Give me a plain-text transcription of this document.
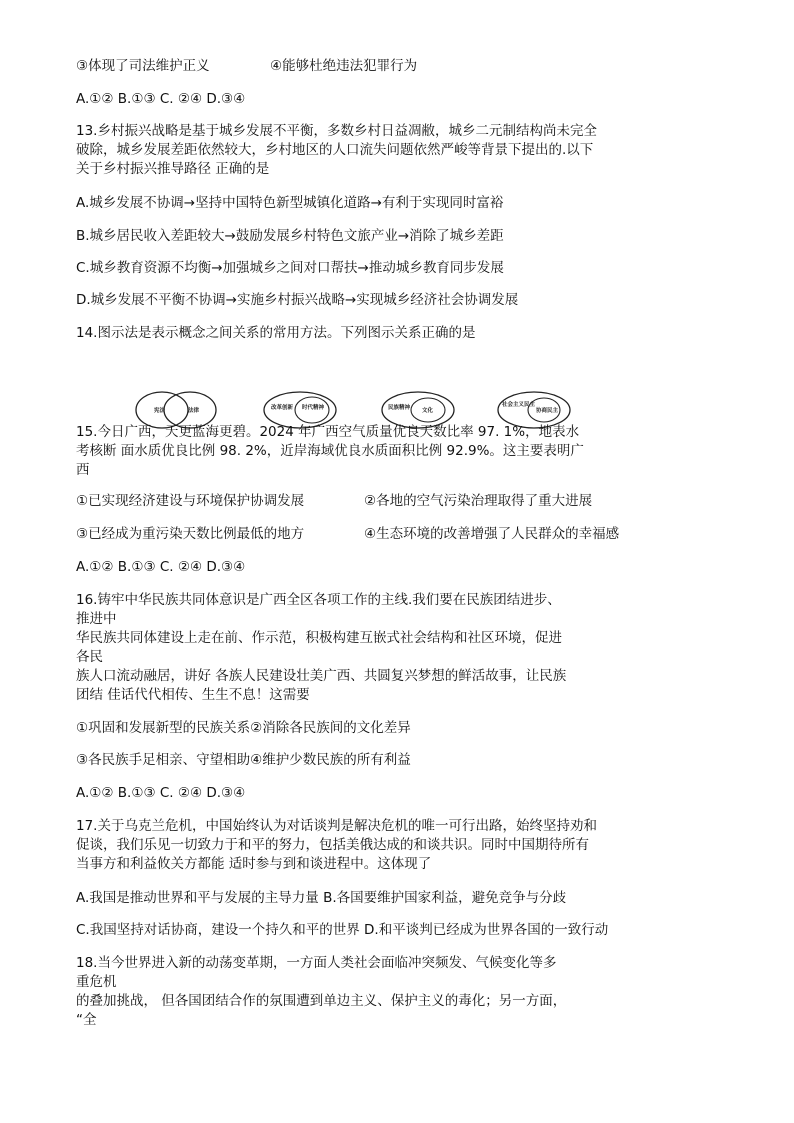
③体现了司法维护正义	④能够杜绝违法犯罪行为
A.①② B.①③ C. ②④ D.③④
13.乡村振兴战略是基于城乡发展不平衡，多数乡村日益凋敝，城乡二元制结构尚未完全
破除，城乡发展差距依然较大，乡村地区的人口流失问题依然严峻等背景下提出的.以下
关于乡村振兴推导路径 正确的是
A.城乡发展不协调→坚持中国特色新型城镇化道路→有利于实现同时富裕
B.城乡居民收入差距较大→鼓励发展乡村特色文旅产业→消除了城乡差距
C.城乡教育资源不均衡→加强城乡之间对口帮扶→推动城乡教育同步发展
D.城乡发展不平衡不协调→实施乡村振兴战略→实现城乡经济社会协调发展
14.图示法是表示概念之间关系的常用方法。下列图示关系正确的是
宪法	法律	改革创新 时代精神	民族精神 文化
社会主义民主
协商民主
15.今日广西，天更蓝海更碧。2024 年广西空气质量优良天数比率 97. 1%，地表水
考核断 面水质优良比例 98. 2%，近岸海域优良水质面积比例 92.9%。这主要表明广
西
①已实现经济建设与环境保护协调发展	②各地的空气污染治理取得了重大进展
③已经成为重污染天数比例最低的地方	④生态环境的改善增强了人民群众的幸福感
A.①② B.①③ C. ②④ D.③④
16.铸牢中华民族共同体意识是广西全区各项工作的主线.我们要在民族团结进步、
推进中
华民族共同体建设上走在前、作示范，积极构建互嵌式社会结构和社区环境，促进
各民
族人口流动融居，讲好 各族人民建设壮美广西、共圆复兴梦想的鲜活故事，让民族
团结 佳话代代相传、生生不息！这需要
①巩固和发展新型的民族关系②消除各民族间的文化差异
③各民族手足相亲、守望相助④维护少数民族的所有利益
A.①② B.①③ C. ②④ D.③④
17.关于乌克兰危机，中国始终认为对话谈判是解决危机的唯一可行出路，始终坚持劝和
促谈，我们乐见一切致力于和平的努力，包括美俄达成的和谈共识。同时中国期待所有
当事方和利益攸关方都能 适时参与到和谈进程中。这体现了
A.我国是推动世界和平与发展的主导力量 B.各国要维护国家利益，避免竞争与分歧
C.我国坚持对话协商，建设一个持久和平的世界 D.和平谈判已经成为世界各国的一致行动
18.当今世界进入新的动荡变革期，一方面人类社会面临冲突频发、气候变化等多
重危机
的叠加挑战， 但各国团结合作的氛围遭到单边主义、保护主义的毒化；另一方面，
“全
